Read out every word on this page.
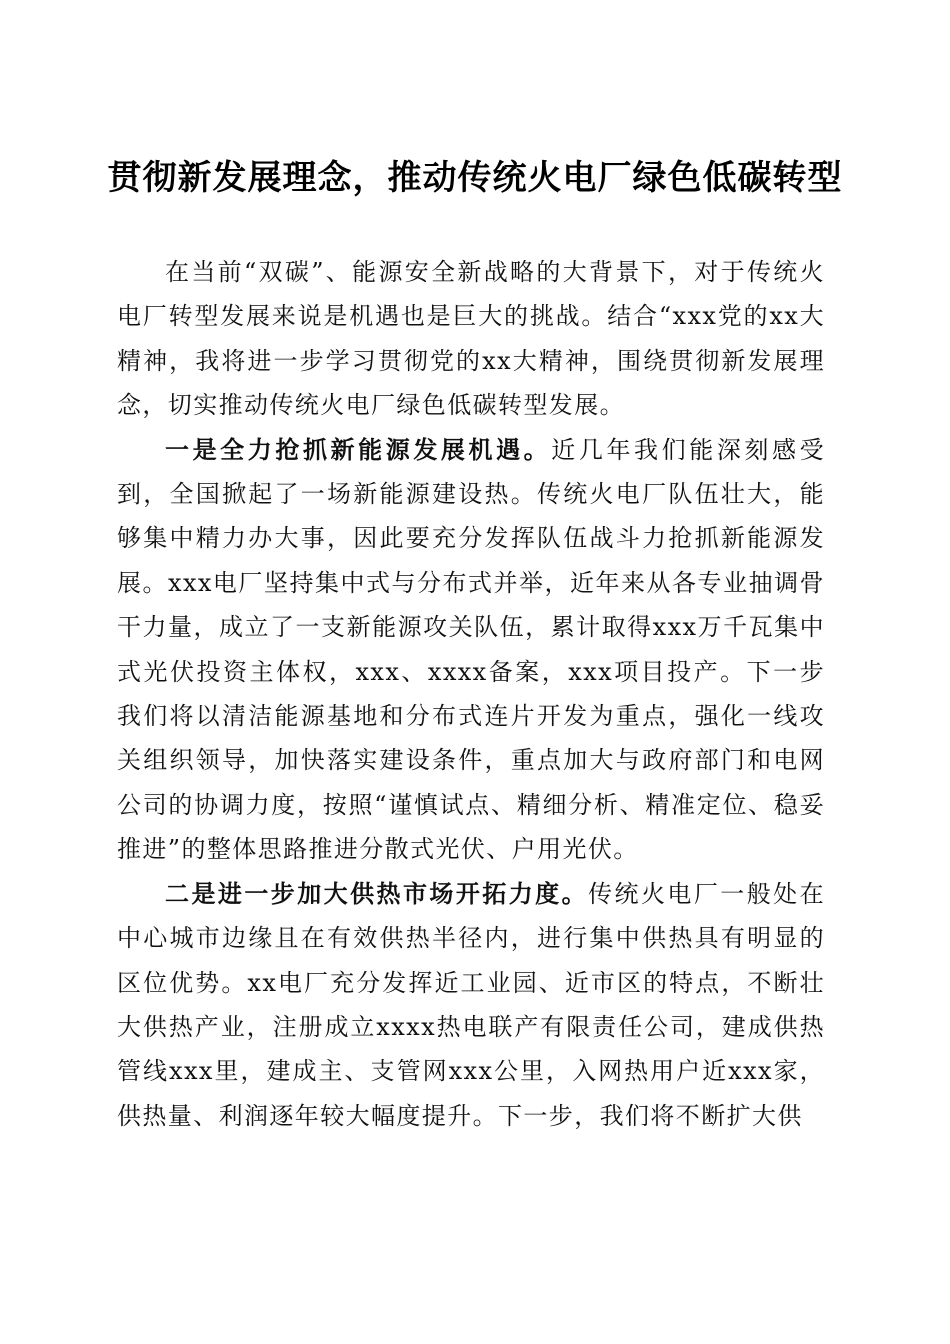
贯彻新发展理念，推动传统火电厂绿色低碳转型

在当前“双碳”、能源安全新战略的大背景下，对于传统火电厂转型发展来说是机遇也是巨大的挑战。结合“xxx党的xx大精神，我将进一步学习贯彻党的xx大精神，围绕贯彻新发展理念，切实推动传统火电厂绿色低碳转型发展。

一是全力抢抓新能源发展机遇。近几年我们能深刻感受到，全国掀起了一场新能源建设热。传统火电厂队伍壮大，能够集中精力办大事，因此要充分发挥队伍战斗力抢抓新能源发展。xxx电厂坚持集中式与分布式并举，近年来从各专业抽调骨干力量，成立了一支新能源攻关队伍，累计取得xxx万千瓦集中式光伏投资主体权，xxx、xxxx备案，xxx项目投产。下一步我们将以清洁能源基地和分布式连片开发为重点，强化一线攻关组织领导，加快落实建设条件，重点加大与政府部门和电网公司的协调力度，按照“谨慎试点、精细分析、精准定位、稳妥推进”的整体思路推进分散式光伏、户用光伏。

二是进一步加大供热市场开拓力度。传统火电厂一般处在中心城市边缘且在有效供热半径内，进行集中供热具有明显的区位优势。xx电厂充分发挥近工业园、近市区的特点，不断壮大供热产业，注册成立xxxx热电联产有限责任公司，建成供热管线xxx里，建成主、支管网xxx公里，入网热用户近xxx家，供热量、利润逐年较大幅度提升。下一步，我们将不断扩大供
